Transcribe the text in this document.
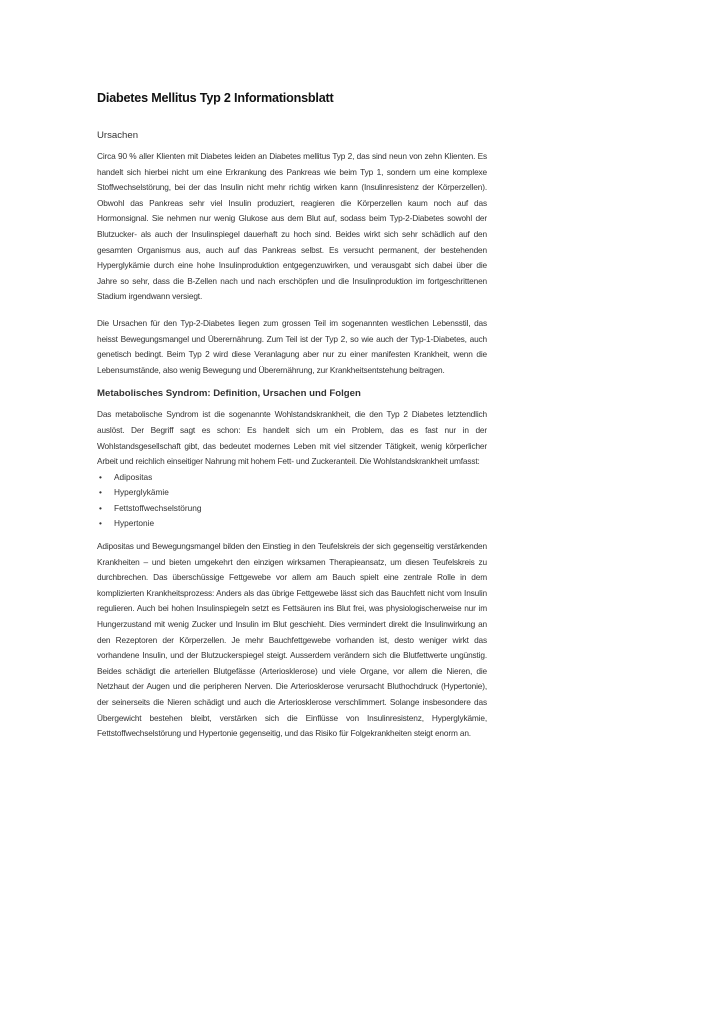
Diabetes Mellitus Typ 2 Informationsblatt
Ursachen

Circa 90 % aller Klienten mit Diabetes leiden an Diabetes mellitus Typ 2, das sind neun von zehn Klienten. Es handelt sich hierbei nicht um eine Erkrankung des Pankreas wie beim Typ 1, sondern um eine komplexe Stoffwechselstörung, bei der das Insulin nicht mehr richtig wirken kann (Insulinresistenz der Körperzellen). Obwohl das Pankreas sehr viel Insulin produziert, reagieren die Körperzellen kaum noch auf das Hormonsignal. Sie nehmen nur wenig Glukose aus dem Blut auf, sodass beim Typ-2-Diabetes sowohl der Blutzucker- als auch der Insulinspiegel dauerhaft zu hoch sind. Beides wirkt sich sehr schädlich auf den gesamten Organismus aus, auch auf das Pankreas selbst. Es versucht permanent, der bestehenden Hyperglykämie durch eine hohe Insulinproduktion entgegenzuwirken, und verausgabt sich dabei über die Jahre so sehr, dass die B-Zellen nach und nach erschöpfen und die Insulinproduktion im fortgeschrittenen Stadium irgendwann versiegt.

Die Ursachen für den Typ-2-Diabetes liegen zum grossen Teil im sogenannten westlichen Lebensstil, das heisst Bewegungsmangel und Überernährung. Zum Teil ist der Typ 2, so wie auch der Typ-1-Diabetes, auch genetisch bedingt. Beim Typ 2 wird diese Veranlagung aber nur zu einer manifesten Krankheit, wenn die Lebensumstände, also wenig Bewegung und Überernährung, zur Krankheitsentstehung beitragen.

Metabolisches Syndrom: Definition, Ursachen und Folgen

Das metabolische Syndrom ist die sogenannte Wohlstandskrankheit, die den Typ 2 Diabetes letztendlich auslöst. Der Begriff sagt es schon: Es handelt sich um ein Problem, das es fast nur in der Wohlstandsgesellschaft gibt, das bedeutet modernes Leben mit viel sitzender Tätigkeit, wenig körperlicher Arbeit und reichlich einseitiger Nahrung mit hohem Fett- und Zuckeranteil. Die Wohlstandskrankheit umfasst:

• Adipositas
• Hyperglykämie
• Fettstoffwechselstörung
• Hypertonie

Adipositas und Bewegungsmangel bilden den Einstieg in den Teufelskreis der sich gegenseitig verstärkenden Krankheiten – und bieten umgekehrt den einzigen wirksamen Therapieansatz, um diesen Teufelskreis zu durchbrechen. Das überschüssige Fettgewebe vor allem am Bauch spielt eine zentrale Rolle in dem komplizierten Krankheitsprozess: Anders als das übrige Fettgewebe lässt sich das Bauchfett nicht vom Insulin regulieren. Auch bei hohen Insulinspiegeln setzt es Fettsäuren ins Blut frei, was physiologischerweise nur im Hungerzustand mit wenig Zucker und Insulin im Blut geschieht. Dies vermindert direkt die Insulinwirkung an den Rezeptoren der Körperzellen. Je mehr Bauchfettgewebe vorhanden ist, desto weniger wirkt das vorhandene Insulin, und der Blutzuckerspiegel steigt. Ausserdem verändern sich die Blutfettwerte ungünstig. Beides schädigt die arteriellen Blutgefässe (Arteriosklerose) und viele Organe, vor allem die Nieren, die Netzhaut der Augen und die peripheren Nerven. Die Arteriosklerose verursacht Bluthochdruck (Hypertonie), der seinerseits die Nieren schädigt und auch die Arteriosklerose verschlimmert. Solange insbesondere das Übergewicht bestehen bleibt, verstärken sich die Einflüsse von Insulinresistenz, Hyperglykämie, Fettstoffwechselstörung und Hypertonie gegenseitig, und das Risiko für Folgekrankheiten steigt enorm an.
